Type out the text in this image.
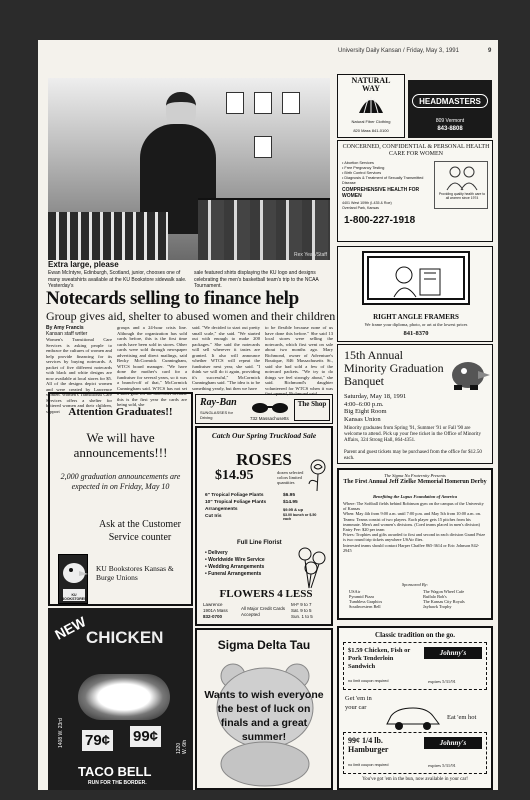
University Daily Kansan / Friday, May 3, 1991	9
Rex Yeah/Staff
Extra large, please
Ewan McIntyre, Edinburgh, Scotland, junior, chooses one of many sweatshirts available at the KU Bookstore sidewalk sale. Yesterday's
sale featured shirts displaying the KU logo and designs celebrating the men's basketball team's trip to the NCAA Tournament.
Notecards selling to finance help
Group gives aid, shelter to abused women and their children
By Amy Francis
Kansan staff writer
Women's Transitional Care Services is asking people to embrace the cultures of women and help provide financing for its services by buying notecards. A packet of five different notecards with black and white designs are now available at local stores for $5. All of the designs depict women and were created by Lawrence women. Women's Transitional Care Services offers a shelter for battered women and their children, support
groups and a 24-hour crisis line. Although the organization has sold cards before, this is the first time cards have been sold in stores. Other cards were sold through newspaper advertising and direct mailings, said Becky McCormick Cunningham, WTCS board manager. "We have done the mother's card for a fundraiser for several years, so it was a branch-off of that," McCormick Cunningham said. WTCS has not set a sales goal for the notecards because this is the first year the cards are being sold, she
said. "We decided to start out pretty small scale," she said. "We started out with enough to make 200 packages." She said the notecards will sell wherever it tastes are granted. It also will announce whether WTCS will repeat the fundraiser next year, she said. "I think we will do it again, providing it's successful," McCormick Cunningham said. "The idea is to be something yearly, but then we have
to be flexible because none of us have done this before." She said 13 local stores were selling the notecards, which first went on sale about two months ago. Mary Richmond, owner of Adventure's Boutique, 846 Massachusetts St., said she had sold a few of the notecard packets. "We try to do things we feel strongly about," she said. Richmond's daughter volunteered for WTCS when it was first opened, Richmond said.
Attention Graduates!!
We will have announcements!!!
2,000 graduation announcements are expected in on Friday, May 10
Ask at the Customer Service counter
KU BOOKSTORES
KU Bookstores Kansas & Burge Unions
NEW
CHICKEN
79¢ 99¢
1408 W. 23rd
1220 W. 6th
TACO BELL
RUN FOR THE BORDER.
Ray-Ban
SUNGLASSES for Driving
The Shop
732 Massachusetts
Catch Our Spring Truckload Sale
ROSES
$14.95	dozen selected colors limited quantities
6" Tropical Foliage Plants	$6.95
10" Tropical Foliage Plants	$14.95
Arrangements	$9.95 & up
Cut Iris	$3.00 bunch or $.50 each
Full Line Florist
• Delivery
• Worldwide Wire Service
• Wedding Arrangements
• Funeral Arrangements
FLOWERS 4 LESS
Lawrence
1901A Mass
832-0700
All Major Credit Cards Accepted
M-F 9 to 7
Sat. 9 to 5
Sun. 1 to 5
Sigma Delta Tau
Wants to wish everyone the best of luck on finals and a great summer!
NATURAL WAY
Natural Fiber Clothing
820 Mass 841-0100
HEADMASTERS
809 Vermont
843-8808
CONCERNED, CONFIDENTIAL & PERSONAL HEALTH CARE FOR WOMEN
• Abortion Services
• Free Pregnancy Testing
• Birth Control Services
• Diagnosis & Treatment of Sexually Transmitted Disease
COMPREHENSIVE HEALTH FOR WOMEN
4401 West 109th (I-435 & Roe)
Overland Park, Kansas
1-800-227-1918
Providing quality health care to all women since 1974
RIGHT ANGLE FRAMERS
We frame your diploma, photo, or art at the lowest prices
841-8370
15th Annual Minority Graduation Banquet
Saturday, May 18, 1991
4:00–6:00 p.m.
Big Eight Room
Kansas Union
Minority graduates from Spring '91, Summer '91 or Fall '90 are welcome to attend. Pick up your free ticket in the Office of Minority Affairs, 324 Strong Hall, 864-4351.
Parent and guest tickets may be purchased from the office for $12.50 each.
The Sigma Nu Fraternity Presents
The First Annual Jeff Zielke Memorial Homerun Derby
Benefiting the Lupus Foundation of America
Where: The Softball fields behind Robinson gym on the campus of the University of Kansas
When: May 4th from 9:00 a.m. until 7:00 p.m. and May 5th from 10:00 a.m. on.
Teams: Teams consist of two players. Each player gets 15 pitches from his teammate. Men's and women's divisions. (Coed teams placed in men's division)
Entry Fee: $20 per team
Prizes: Trophies and gifts awarded to first and second in each division Grand Prize is two round trip tickets anywhere USAir flies.
Interested teams should contact Harper Chaffee 865-3614 or Eric Johnson 842-2945
Sponsored By:
USAir
Pyramid Pizza
Tumbless Graphics
Southwestern Bell
The Wagon Wheel Cafe
Buffalo Bob's
The Kansas City Royals
Jayhawk Trophy
Classic tradition on the go.
$1.59 Chicken, Fish or Pork Tenderloin Sandwich
Johnny's
no limit coupon required	expires 5/31/91
Get 'em in your car
Eat 'em hot
99¢ 1/4 lb. Hamburger
Johnny's
no limit coupon required	expires 5/31/91
You've got 'em in the bun, now available in your car!
